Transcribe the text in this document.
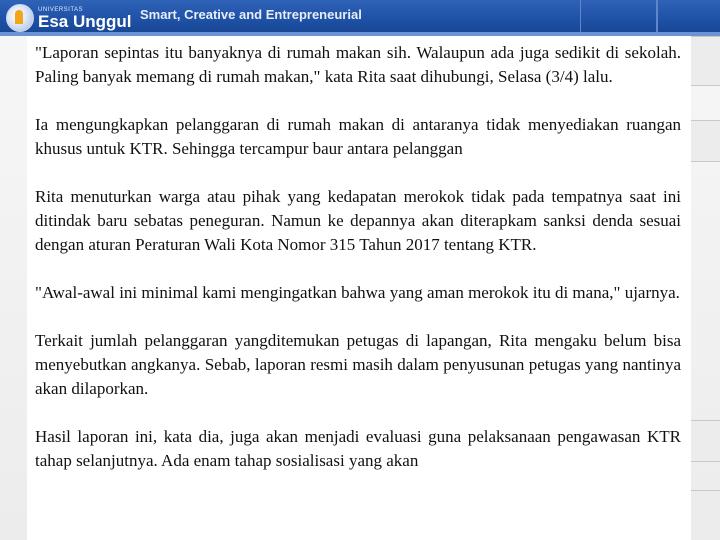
UNIVERSITAS
Esa Unggul Smart, Creative and Entrepreneurial

"Laporan sepintas itu banyaknya di rumah makan sih. Walaupun ada juga sedikit di sekolah. Paling banyak memang di rumah makan," kata Rita saat dihubungi, Selasa (3/4) lalu.

Ia mengungkapkan pelanggaran di rumah makan di antaranya tidak menyediakan ruangan khusus untuk KTR. Sehingga tercampur baur antara pelanggan

Rita menuturkan warga atau pihak yang kedapatan merokok tidak pada tempatnya saat ini ditindak baru sebatas peneguran. Namun ke depannya akan diterapkam sanksi denda sesuai dengan aturan Peraturan Wali Kota Nomor 315 Tahun 2017 tentang KTR.

"Awal-awal ini minimal kami mengingatkan bahwa yang aman merokok itu di mana," ujarnya.

Terkait jumlah pelanggaran yangditemukan petugas di lapangan, Rita mengaku belum bisa menyebutkan angkanya. Sebab, laporan resmi masih dalam penyusunan petugas yang nantinya akan dilaporkan.

Hasil laporan ini, kata dia, juga akan menjadi evaluasi guna pelaksanaan pengawasan KTR tahap selanjutnya. Ada enam tahap sosialisasi yang akan
